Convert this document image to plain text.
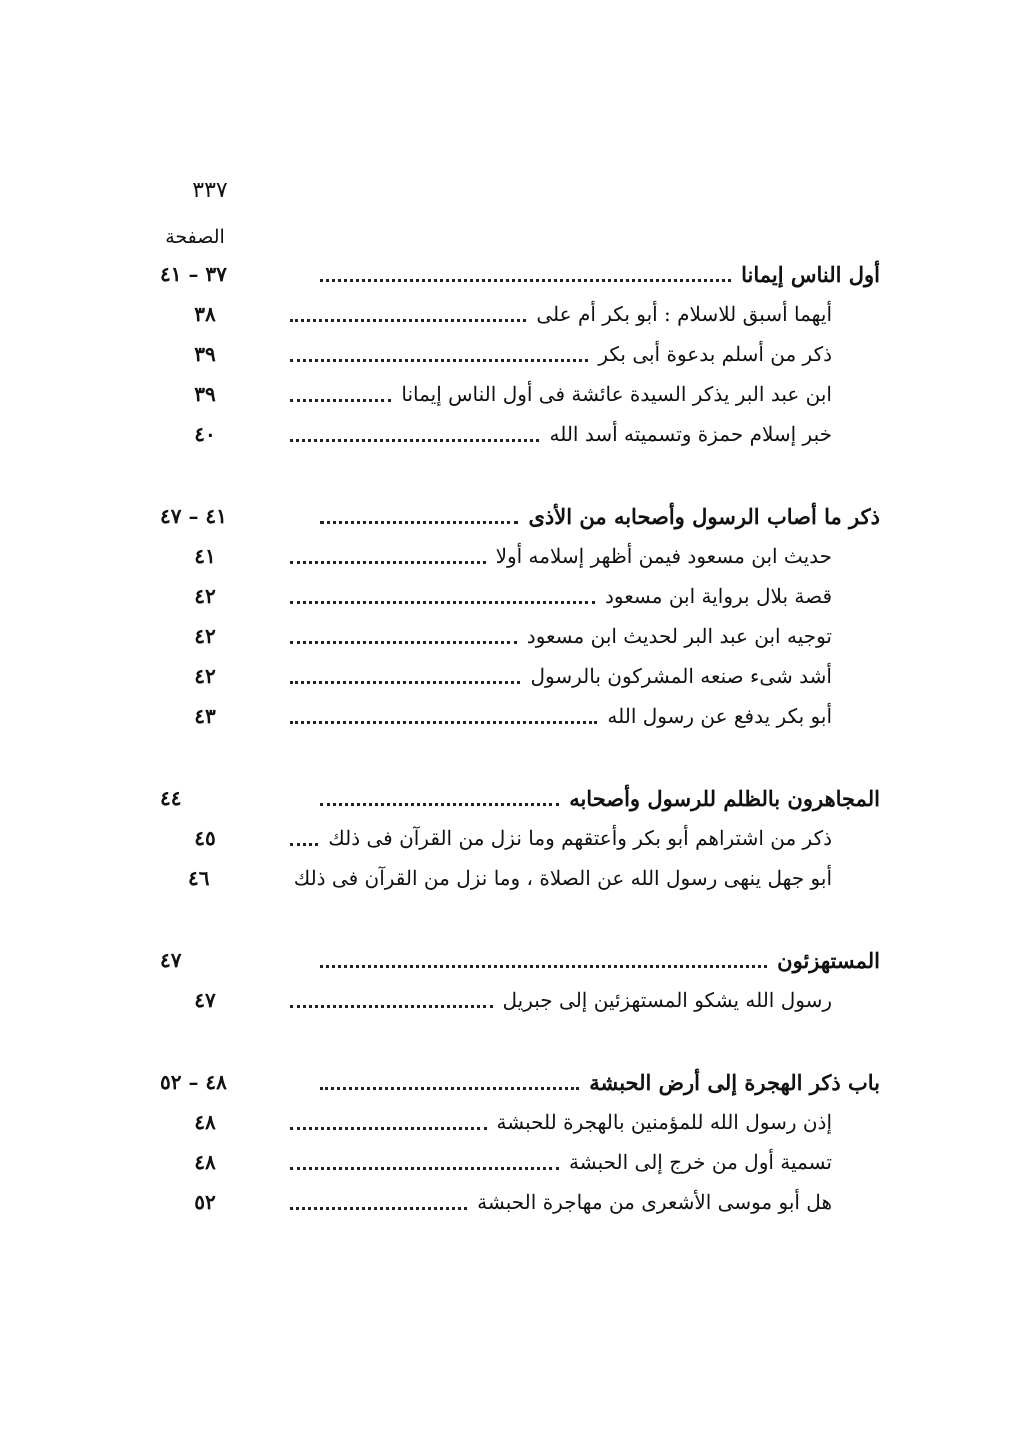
٣٣٧
الصفحة
أول الناس إيمانا
٣٧ – ٤١
أيهما أسبق للاسلام : أبو بكر أم على
٣٨
ذكر من أسلم بدعوة أبى بكر
٣٩
ابن عبد البر يذكر السيدة عائشة فى أول الناس إيمانا
٣٩
خبر إسلام حمزة وتسميته أسد الله
٤٠
ذكر ما أصاب الرسول وأصحابه من الأذى
٤١ – ٤٧
حديث ابن مسعود فيمن أظهر إسلامه أولا
٤١
قصة بلال برواية ابن مسعود
٤٢
توجيه ابن عبد البر لحديث ابن مسعود
٤٢
أشد شىء صنعه المشركون بالرسول
٤٢
أبو بكر يدفع عن رسول الله
٤٣
المجاهرون بالظلم للرسول وأصحابه
٤٤
ذكر من اشتراهم أبو بكر وأعتقهم وما نزل من القرآن فى ذلك
٤٥
أبو جهل ينهى رسول الله عن الصلاة ، وما نزل من القرآن فى ذلك
٤٦
المستهزئون
٤٧
رسول الله يشكو المستهزئين إلى جبريل
٤٧
باب ذكر الهجرة إلى أرض الحبشة
٤٨ – ٥٢
إذن رسول الله للمؤمنين بالهجرة للحبشة
٤٨
تسمية أول من خرج إلى الحبشة
٤٨
هل أبو موسى الأشعرى من مهاجرة الحبشة
٥٢
